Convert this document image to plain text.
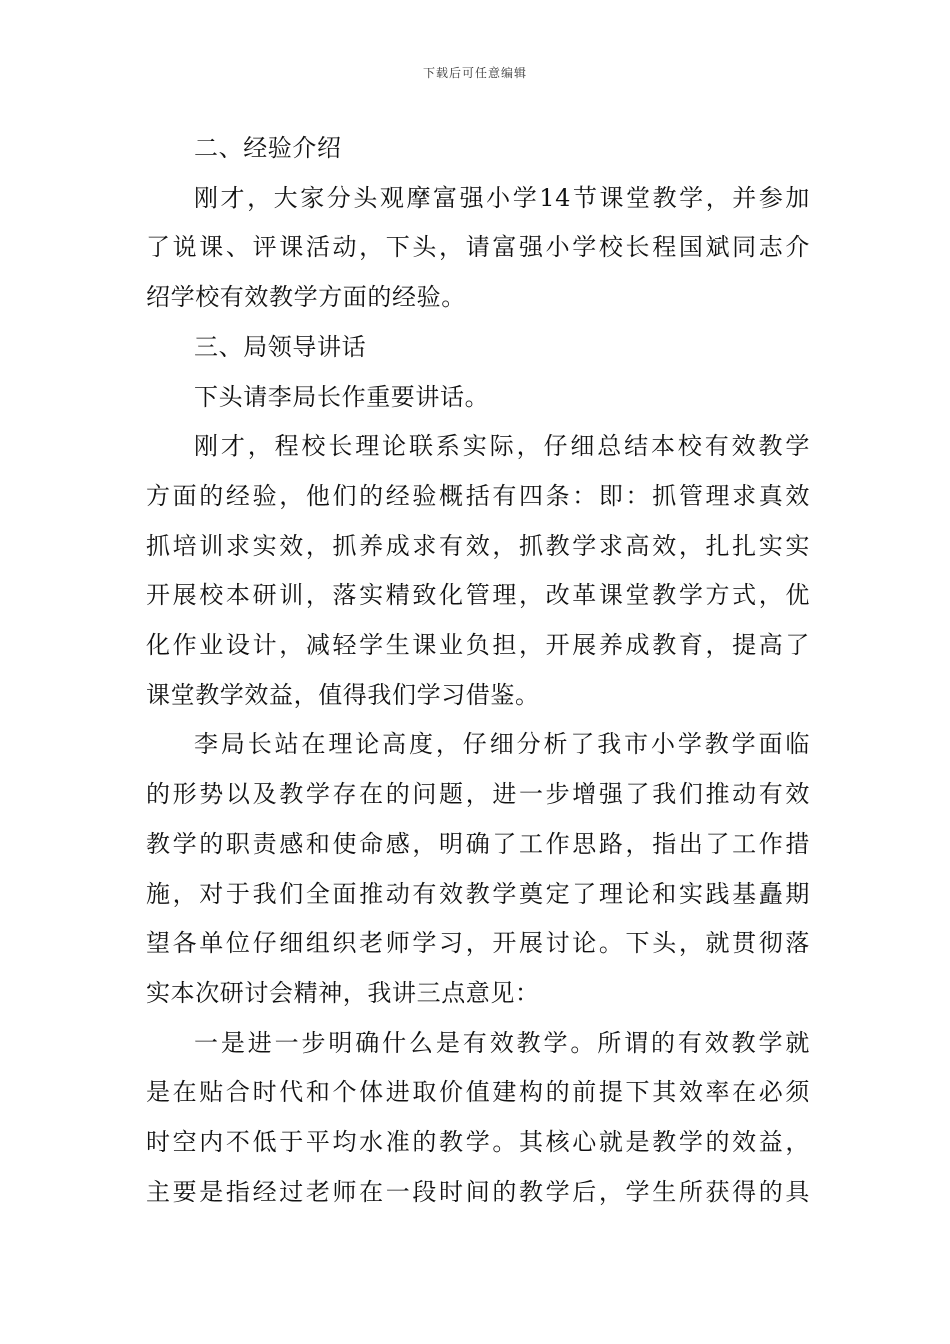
下载后可任意编辑

二、经验介绍

刚才，大家分头观摩富强小学14节课堂教学，并参加
了说课、评课活动，下头，请富强小学校长程国斌同志介
绍学校有效教学方面的经验。

三、局领导讲话

下头请李局长作重要讲话。

刚才，程校长理论联系实际，仔细总结本校有效教学
方面的经验，他们的经验概括有四条：即：抓管理求真效
抓培训求实效，抓养成求有效，抓教学求高效，扎扎实实
开展校本研训，落实精致化管理，改革课堂教学方式，优
化作业设计，减轻学生课业负担，开展养成教育，提高了
课堂教学效益，值得我们学习借鉴。

李局长站在理论高度，仔细分析了我市小学教学面临
的形势以及教学存在的问题，进一步增强了我们推动有效
教学的职责感和使命感，明确了工作思路，指出了工作措
施，对于我们全面推动有效教学奠定了理论和实践基矗期
望各单位仔细组织老师学习，开展讨论。下头，就贯彻落
实本次研讨会精神，我讲三点意见：

一是进一步明确什么是有效教学。所谓的有效教学就
是在贴合时代和个体进取价值建构的前提下其效率在必须
时空内不低于平均水准的教学。其核心就是教学的效益，
主要是指经过老师在一段时间的教学后，学生所获得的具
